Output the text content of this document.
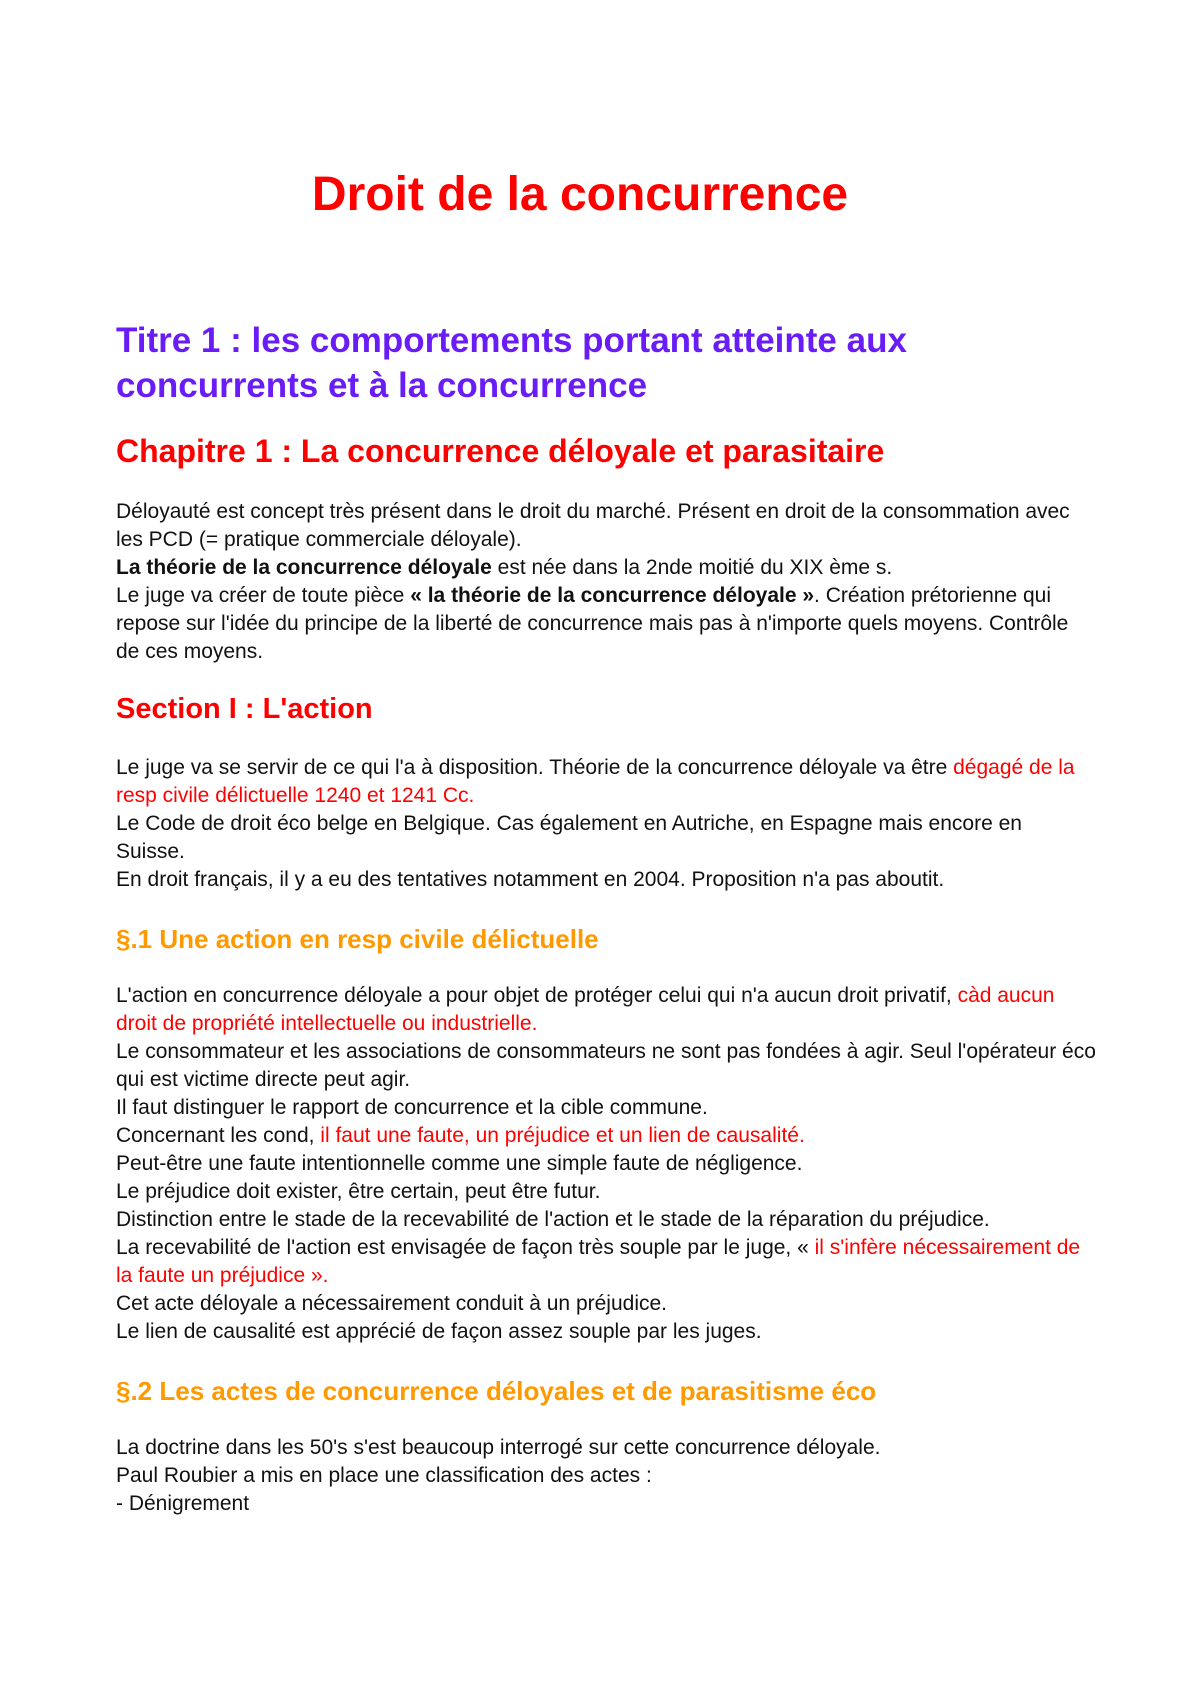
Droit de la concurrence
Titre 1 : les comportements portant atteinte aux concurrents et à la concurrence
Chapitre 1 : La concurrence déloyale et parasitaire

Déloyauté est concept très présent dans le droit du marché. Présent en droit de la consommation avec les PCD (= pratique commerciale déloyale).

La théorie de la concurrence déloyale est née dans la 2nde moitié du XIX ème s.

Le juge va créer de toute pièce « la théorie de la concurrence déloyale ». Création prétorienne qui repose sur l'idée du principe de la liberté de concurrence mais pas à n'importe quels moyens. Contrôle de ces moyens.

Section I : L'action

Le juge va se servir de ce qui l'a à disposition. Théorie de la concurrence déloyale va être dégagé de la resp civile délictuelle 1240 et 1241 Cc.

Le Code de droit éco belge en Belgique. Cas également en Autriche, en Espagne mais encore en Suisse.

En droit français, il y a eu des tentatives notamment en 2004. Proposition n'a pas aboutit.

§.1 Une action en resp civile délictuelle

L'action en concurrence déloyale a pour objet de protéger celui qui n'a aucun droit privatif, càd aucun droit de propriété intellectuelle ou industrielle.

Le consommateur et les associations de consommateurs ne sont pas fondées à agir. Seul l'opérateur éco qui est victime directe peut agir.

Il faut distinguer le rapport de concurrence et la cible commune.

Concernant les cond, il faut une faute, un préjudice et un lien de causalité.

Peut-être une faute intentionnelle comme une simple faute de négligence.

Le préjudice doit exister, être certain, peut être futur.

Distinction entre le stade de la recevabilité de l'action et le stade de la réparation du préjudice.

La recevabilité de l'action est envisagée de façon très souple par le juge, « il s'infère nécessairement de la faute un préjudice ».

Cet acte déloyale a nécessairement conduit à un préjudice.

Le lien de causalité est apprécié de façon assez souple par les juges.

§.2 Les actes de concurrence déloyales et de parasitisme éco

La doctrine dans les 50's s'est beaucoup interrogé sur cette concurrence déloyale.

Paul Roubier a mis en place une classification des actes :

- Dénigrement
